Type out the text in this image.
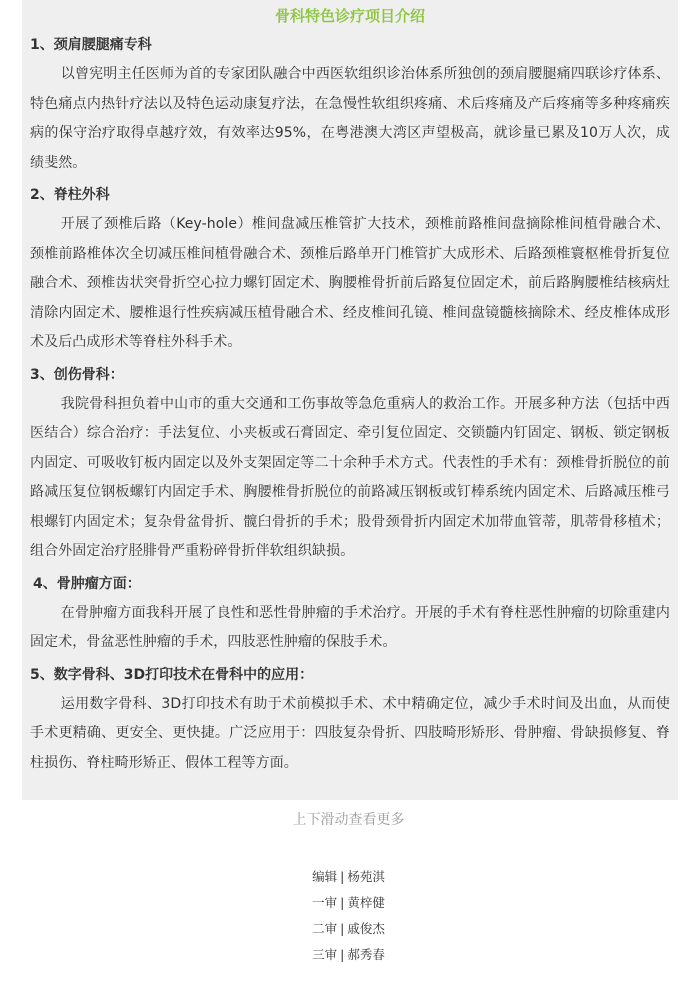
骨科特色诊疗项目介绍
1、颈肩腰腿痛专科
以曾宪明主任医师为首的专家团队融合中西医软组织诊治体系所独创的颈肩腰腿痛四联诊疗体系、特色痛点内热针疗法以及特色运动康复疗法，在急慢性软组织疼痛、术后疼痛及产后疼痛等多种疼痛疾病的保守治疗取得卓越疗效，有效率达95%，在粤港澳大湾区声望极高，就诊量已累及10万人次，成绩斐然。
2、脊柱外科
开展了颈椎后路（Key-hole）椎间盘减压椎管扩大技术，颈椎前路椎间盘摘除椎间植骨融合术、颈椎前路椎体次全切减压椎间植骨融合术、颈椎后路单开门椎管扩大成形术、后路颈椎寰枢椎骨折复位融合术、颈椎齿状突骨折空心拉力螺钉固定术、胸腰椎骨折前后路复位固定术，前后路胸腰椎结核病灶清除内固定术、腰椎退行性疾病减压植骨融合术、经皮椎间孔镜、椎间盘镜髓核摘除术、经皮椎体成形术及后凸成形术等脊柱外科手术。
3、创伤骨科：
我院骨科担负着中山市的重大交通和工伤事故等急危重病人的救治工作。开展多种方法（包括中西医结合）综合治疗：手法复位、小夹板或石膏固定、牵引复位固定、交锁髓内钉固定、钢板、锁定钢板内固定、可吸收钉板内固定以及外支架固定等二十余种手术方式。代表性的手术有：颈椎骨折脱位的前路减压复位钢板螺钉内固定手术、胸腰椎骨折脱位的前路减压钢板或钉棒系统内固定术、后路减压椎弓根螺钉内固定术；复杂骨盆骨折、髋臼骨折的手术；股骨颈骨折内固定术加带血管蒂，肌蒂骨移植术；组合外固定治疗胫腓骨严重粉碎骨折伴软组织缺损。
4、骨肿瘤方面：
在骨肿瘤方面我科开展了良性和恶性骨肿瘤的手术治疗。开展的手术有脊柱恶性肿瘤的切除重建内固定术，骨盆恶性肿瘤的手术，四肢恶性肿瘤的保肢手术。
5、数字骨科、3D打印技术在骨科中的应用：
运用数字骨科、3D打印技术有助于术前模拟手术、术中精确定位，减少手术时间及出血，从而使手术更精确、更安全、更快捷。广泛应用于：四肢复杂骨折、四肢畸形矫形、骨肿瘤、骨缺损修复、脊柱损伤、脊柱畸形矫正、假体工程等方面。
上下滑动查看更多
编辑 | 杨苑淇
一审 | 黄梓健
二审 | 戚俊杰
三审 | 郝秀春
